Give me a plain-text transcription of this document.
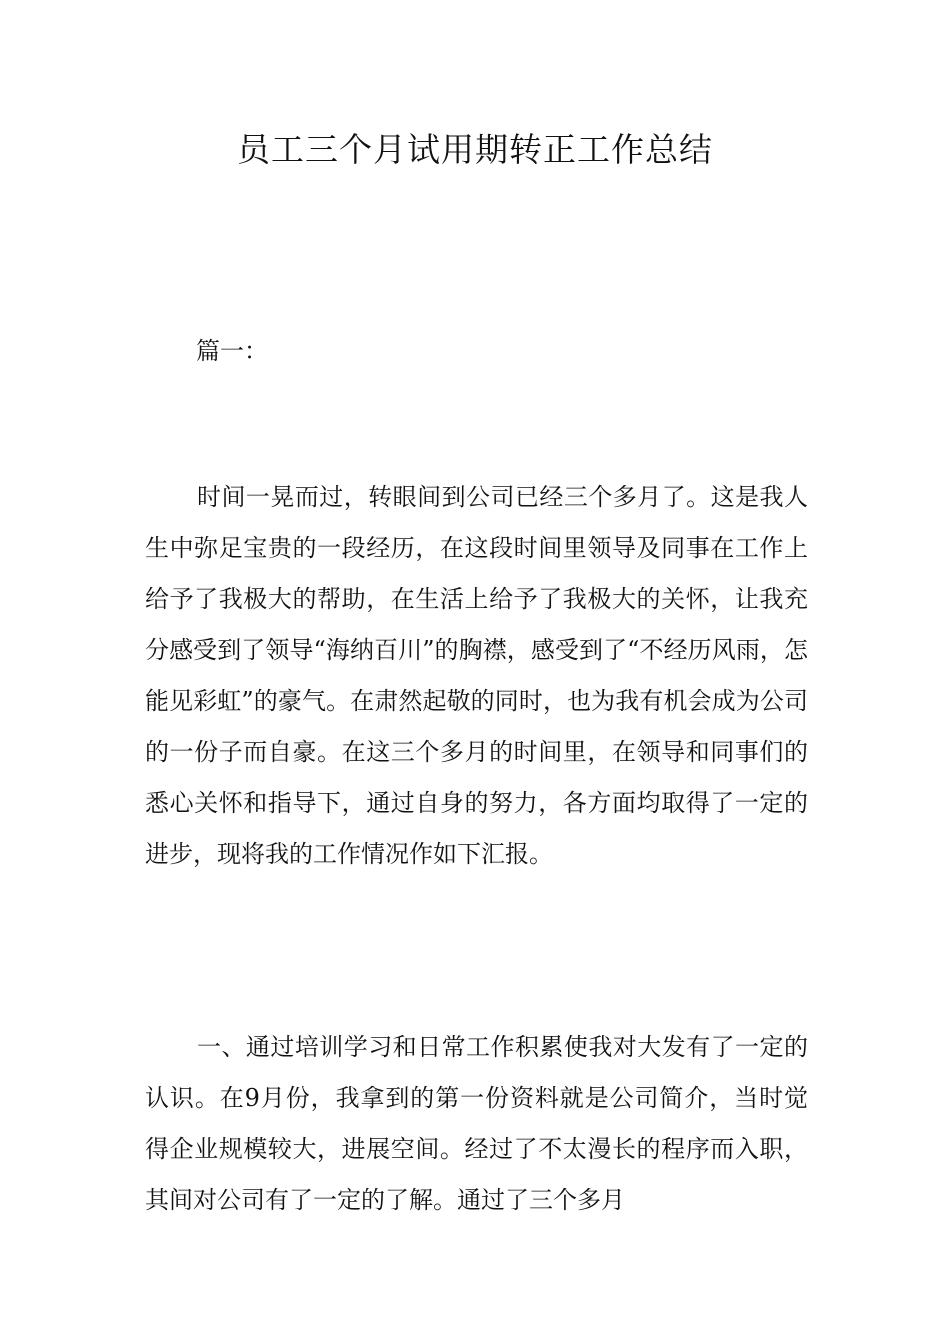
员工三个月试用期转正工作总结

篇一：

时间一晃而过，转眼间到公司已经三个多月了。这是我人生中弥足宝贵的一段经历，在这段时间里领导及同事在工作上给予了我极大的帮助，在生活上给予了我极大的关怀，让我充分感受到了领导“海纳百川”的胸襟，感受到了“不经历风雨，怎能见彩虹”的豪气。在肃然起敬的同时，也为我有机会成为公司的一份子而自豪。在这三个多月的时间里，在领导和同事们的悉心关怀和指导下，通过自身的努力，各方面均取得了一定的进步，现将我的工作情况作如下汇报。

一、通过培训学习和日常工作积累使我对大发有了一定的认识。在9月份，我拿到的第一份资料就是公司简介，当时觉得企业规模较大，进展空间。经过了不太漫长的程序而入职，其间对公司有了一定的了解。通过了三个多月
